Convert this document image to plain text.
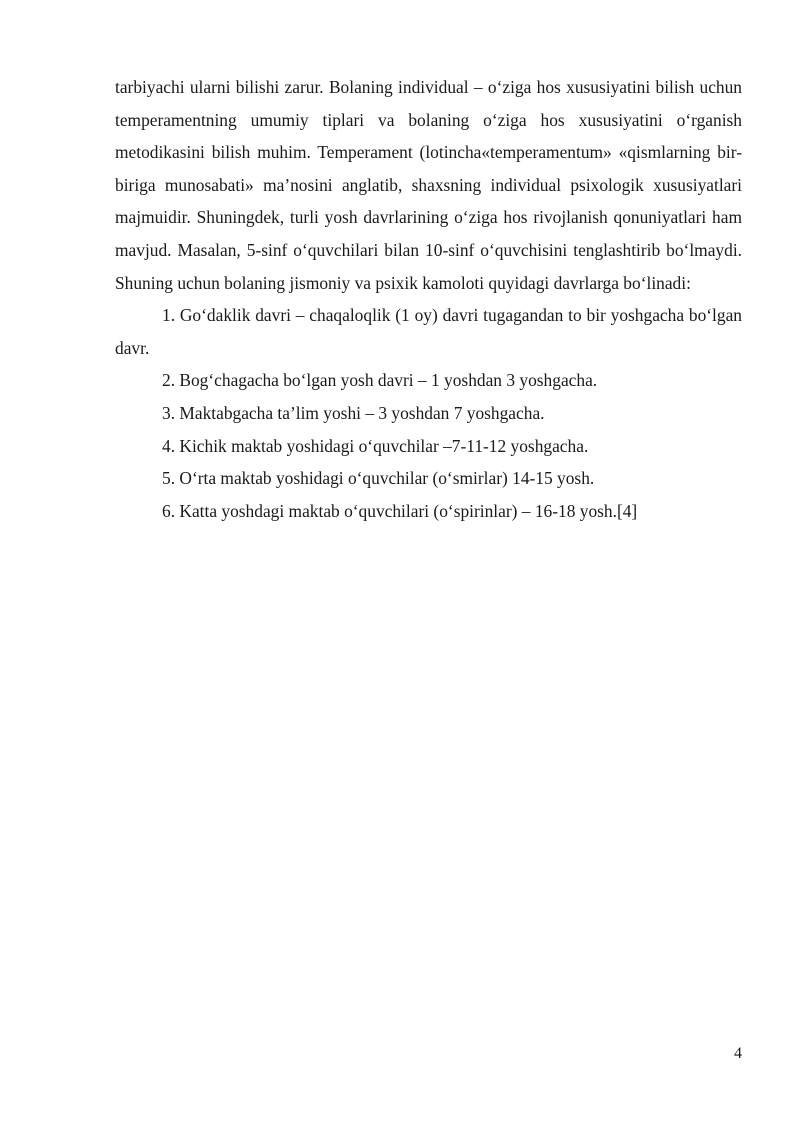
tarbiyachi ularni bilishi zarur. Bolaning individual – o‘ziga hos xususiyatini bilish uchun temperamentning umumiy tiplari va bolaning o‘ziga hos xususiyatini o‘rganish metodikasini bilish muhim. Temperament (lotincha«temperamentum» «qismlarning bir-biriga munosabati» ma’nosini anglatib, shaxsning individual psixologik xususiyatlari majmuidir. Shuningdek, turli yosh davrlarining o‘ziga hos rivojlanish qonuniyatlari ham mavjud. Masalan, 5-sinf o‘quvchilari bilan 10-sinf o‘quvchisini tenglashtirib bo‘lmaydi. Shuning uchun bolaning jismoniy va psixik kamoloti quyidagi davrlarga bo‘linadi:

1. Go‘daklik davri – chaqaloqlik (1 oy) davri tugagandan to bir yoshgacha bo‘lgan davr.

2. Bog‘chagacha bo‘lgan yosh davri – 1 yoshdan 3 yoshgacha.

3. Maktabgacha ta’lim yoshi – 3 yoshdan 7 yoshgacha.

4. Kichik maktab yoshidagi o‘quvchilar –7-11-12 yoshgacha.

5. O‘rta maktab yoshidagi o‘quvchilar (o‘smirlar) 14-15 yosh.

6. Katta yoshdagi maktab o‘quvchilari (o‘spirinlar) – 16-18 yosh.[4]

4
